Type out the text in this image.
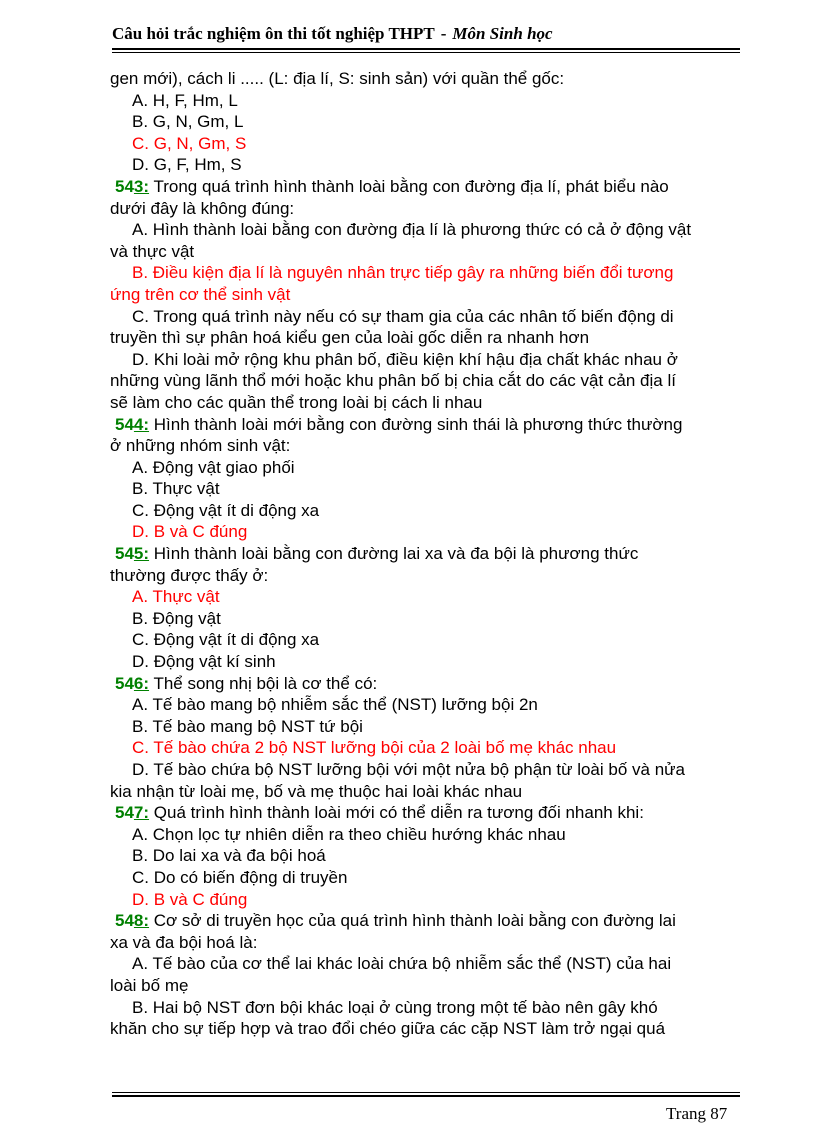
Câu hỏi trắc nghiệm ôn thi tốt nghiệp THPT - Môn Sinh học
gen mới), cách li ..... (L: địa lí, S: sinh sản) với quần thể gốc:
A. H, F, Hm, L
B. G, N, Gm, L
C. G, N, Gm, S
D. G, F, Hm, S
543: Trong quá trình hình thành loài bằng con đường địa lí, phát biểu nào
dưới đây là không đúng:
A. Hình thành loài bằng con đường địa lí là phương thức có cả ở động vật
và thực vật
B. Điều kiện địa lí là nguyên nhân trực tiếp gây ra những biến đổi tương
ứng trên cơ thể sinh vật
C. Trong quá trình này nếu có sự tham gia của các nhân tố biến động di
truyền thì sự phân hoá kiểu gen của loài gốc diễn ra nhanh hơn
D. Khi loài mở rộng khu phân bố, điều kiện khí hậu địa chất khác nhau ở
những vùng lãnh thổ mới hoặc khu phân bố bị chia cắt do các vật cản địa lí
sẽ làm cho các quần thể trong loài bị cách li nhau
544: Hình thành loài mới bằng con đường sinh thái là phương thức thường
ở những nhóm sinh vật:
A. Động vật giao phối
B. Thực vật
C. Động vật ít di động xa
D. B và C đúng
545: Hình thành loài bằng con đường lai xa và đa bội là phương thức
thường được thấy ở:
A. Thực vật
B. Động vật
C. Động vật ít di động xa
D. Động vật kí sinh
546: Thể song nhị bội là cơ thể có:
A. Tế bào mang bộ nhiễm sắc thể (NST) lưỡng bội 2n
B. Tế bào mang bộ NST tứ bội
C. Tế bào chứa 2 bộ NST lưỡng bội của 2 loài bố mẹ khác nhau
D. Tế bào chứa bộ NST lưỡng bội với một nửa bộ phận từ loài bố và nửa
kia nhận từ loài mẹ, bố và mẹ thuộc hai loài khác nhau
547: Quá trình hình thành loài mới có thể diễn ra tương đối nhanh khi:
A. Chọn lọc tự nhiên diễn ra theo chiều hướng khác nhau
B. Do lai xa và đa bội hoá
C. Do có biến động di truyền
D. B và C đúng
548: Cơ sở di truyền học của quá trình hình thành loài bằng con đường lai
xa và đa bội hoá là:
A. Tế bào của cơ thể lai khác loài chứa bộ nhiễm sắc thể (NST) của hai
loài bố mẹ
B. Hai bộ NST đơn bội khác loại ở cùng trong một tế bào nên gây khó
khăn cho sự tiếp hợp và trao đổi chéo giữa các cặp NST làm trở ngại quá
Trang 87
